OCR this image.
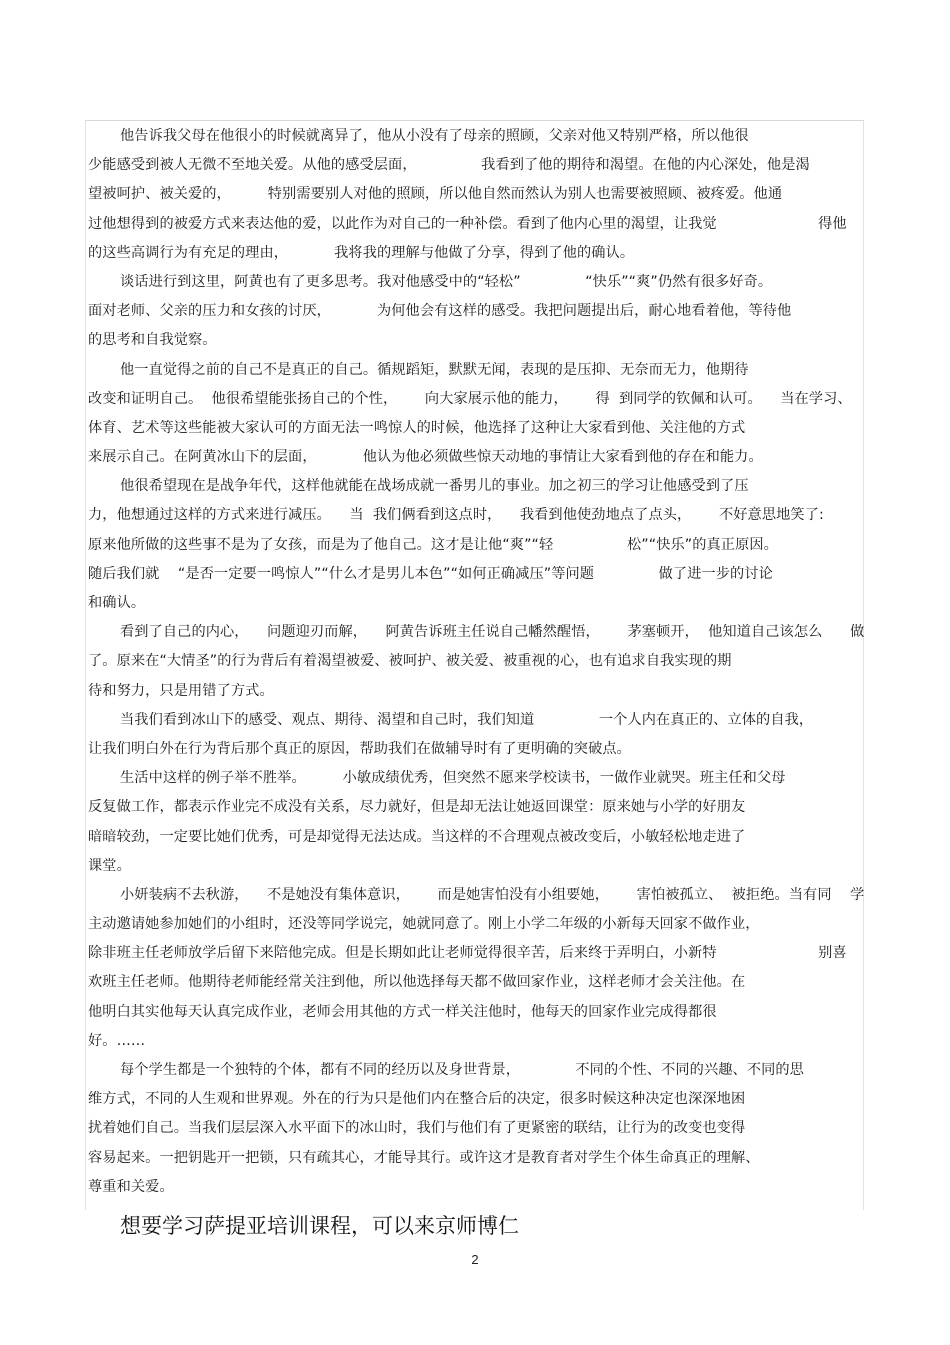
他告诉我父母在他很小的时候就离异了，他从小没有了母亲的照顾，父亲对他又特别严格，所以他很
少能感受到被人无微不至地关爱。从他的感受层面，              我看到了他的期待和渴望。在他的内心深处，他是渴
望被呵护、被关爱的，        特别需要别人对他的照顾，所以他自然而然认为别人也需要被照顾、被疼爱。他通
过他想得到的被爱方式来表达他的爱，以此作为对自己的一种补偿。看到了他内心里的渴望，让我觉                      得他
的这些高调行为有充足的理由，          我将我的理解与他做了分享，得到了他的确认。
谈话进行到这里，阿黄也有了更多思考。我对他感受中的“轻松”              “快乐”“爽”仍然有很多好奇。
面对老师、父亲的压力和女孩的讨厌，          为何他会有这样的感受。我把问题提出后，耐心地看着他，等待他
的思考和自我觉察。
他一直觉得之前的自己不是真正的自己。循规蹈矩，默默无闻，表现的是压抑、无奈而无力，他期待
改变和证明自己。  他很希望能张扬自己的个性，      向大家展示他的能力，      得  到同学的钦佩和认可。    当在学习、
体育、艺术等这些能被大家认可的方面无法一鸣惊人的时候，他选择了这种让大家看到他、关注他的方式
来展示自己。在阿黄冰山下的层面，          他认为他必须做些惊天动地的事情让大家看到他的存在和能力。
他很希望现在是战争年代，这样他就能在战场成就一番男儿的事业。加之初三的学习让他感受到了压
力，他想通过这样的方式来进行减压。    当  我们俩看到这点时，    我看到他使劲地点了点头，      不好意思地笑了:
原来他所做的这些事不是为了女孩，而是为了他自己。这才是让他“爽”“轻                松”“快乐”的真正原因。
随后我们就    “是否一定要一鸣惊人”“什么才是男儿本色”“如何正确减压”等问题              做了进一步的讨论
和确认。
看到了自己的内心，    问题迎刃而解，    阿黄告诉班主任说自己幡然醒悟，      茅塞顿开，  他知道自己该怎么      做
了。原来在“大情圣”的行为背后有着渴望被爱、被呵护、被关爱、被重视的心，也有追求自我实现的期
待和努力，只是用错了方式。
当我们看到冰山下的感受、观点、期待、渴望和自己时，我们知道              一个人内在真正的、立体的自我，
让我们明白外在行为背后那个真正的原因，帮助我们在做辅导时有了更明确的突破点。
生活中这样的例子举不胜举。        小敏成绩优秀，但突然不愿来学校读书，一做作业就哭。班主任和父母
反复做工作，都表示作业完不成没有关系，尽力就好，但是却无法让她返回课堂：原来她与小学的好朋友
暗暗较劲，一定要比她们优秀，可是却觉得无法达成。当这样的不合理观点被改变后，小敏轻松地走进了
课堂。
小妍装病不去秋游，    不是她没有集体意识，      而是她害怕没有小组要她，      害怕被孤立、  被拒绝。当有同    学
主动邀请她参加她们的小组时，还没等同学说完，她就同意了。刚上小学二年级的小新每天回家不做作业，
除非班主任老师放学后留下来陪他完成。但是长期如此让老师觉得很辛苦，后来终于弄明白，小新特                      别喜
欢班主任老师。他期待老师能经常关注到他，所以他选择每天都不做回家作业，这样老师才会关注他。在
他明白其实他每天认真完成作业，老师会用其他的方式一样关注他时，他每天的回家作业完成得都很
好。……
每个学生都是一个独特的个体，都有不同的经历以及身世背景，            不同的个性、不同的兴趣、不同的思
维方式，不同的人生观和世界观。外在的行为只是他们内在整合后的决定，很多时候这种决定也深深地困
扰着她们自己。当我们层层深入水平面下的冰山时，我们与他们有了更紧密的联结，让行为的改变也变得
容易起来。一把钥匙开一把锁，只有疏其心，才能导其行。或许这才是教育者对学生个体生命真正的理解、
尊重和关爱。
想要学习萨提亚培训课程，可以来京师博仁
2
